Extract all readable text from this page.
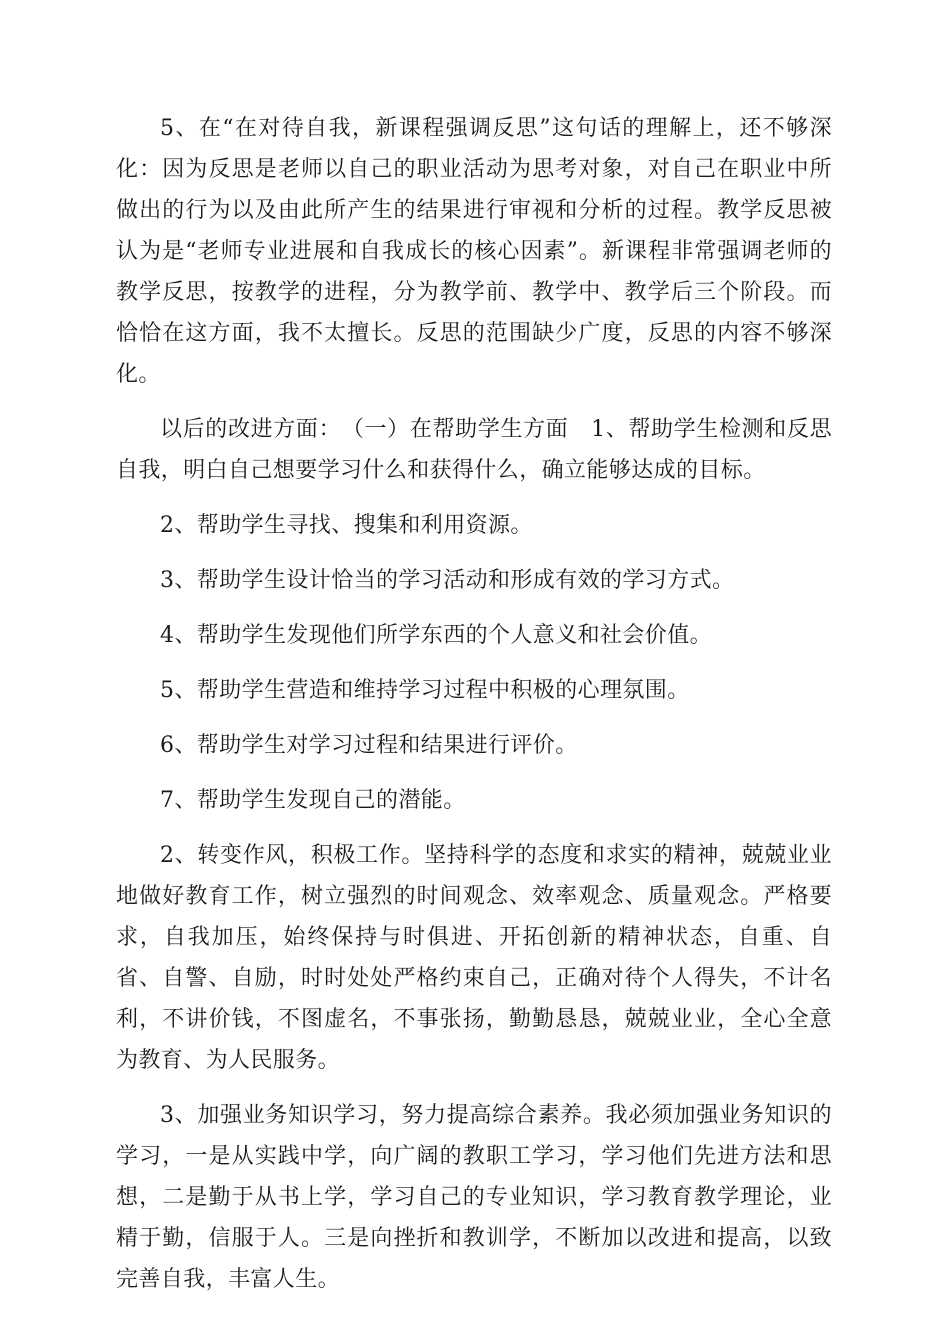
5、在“在对待自我，新课程强调反思”这句话的理解上，还不够深化：因为反思是老师以自己的职业活动为思考对象，对自己在职业中所做出的行为以及由此所产生的结果进行审视和分析的过程。教学反思被认为是“老师专业进展和自我成长的核心因素”。新课程非常强调老师的教学反思，按教学的进程，分为教学前、教学中、教学后三个阶段。而恰恰在这方面，我不太擅长。反思的范围缺少广度，反思的内容不够深化。

以后的改进方面：　（一）在帮助学生方面　1、帮助学生检测和反思自我，明白自己想要学习什么和获得什么，确立能够达成的目标。

2、帮助学生寻找、搜集和利用资源。

3、帮助学生设计恰当的学习活动和形成有效的学习方式。

4、帮助学生发现他们所学东西的个人意义和社会价值。

5、帮助学生营造和维持学习过程中积极的心理氛围。

6、帮助学生对学习过程和结果进行评价。

7、帮助学生发现自己的潜能。

2、转变作风，积极工作。坚持科学的态度和求实的精神，兢兢业业地做好教育工作，树立强烈的时间观念、效率观念、质量观念。严格要求，自我加压，始终保持与时俱进、开拓创新的精神状态，自重、自省、自警、自励，时时处处严格约束自己，正确对待个人得失，不计名利，不讲价钱，不图虚名，不事张扬，勤勤恳恳，兢兢业业，全心全意为教育、为人民服务。

3、加强业务知识学习，努力提高综合素养。我必须加强业务知识的学习，一是从实践中学，向广阔的教职工学习，学习他们先进方法和思想，二是勤于从书上学，学习自己的专业知识，学习教育教学理论，业精于勤，信服于人。三是向挫折和教训学，不断加以改进和提高，以致完善自我，丰富人生。
